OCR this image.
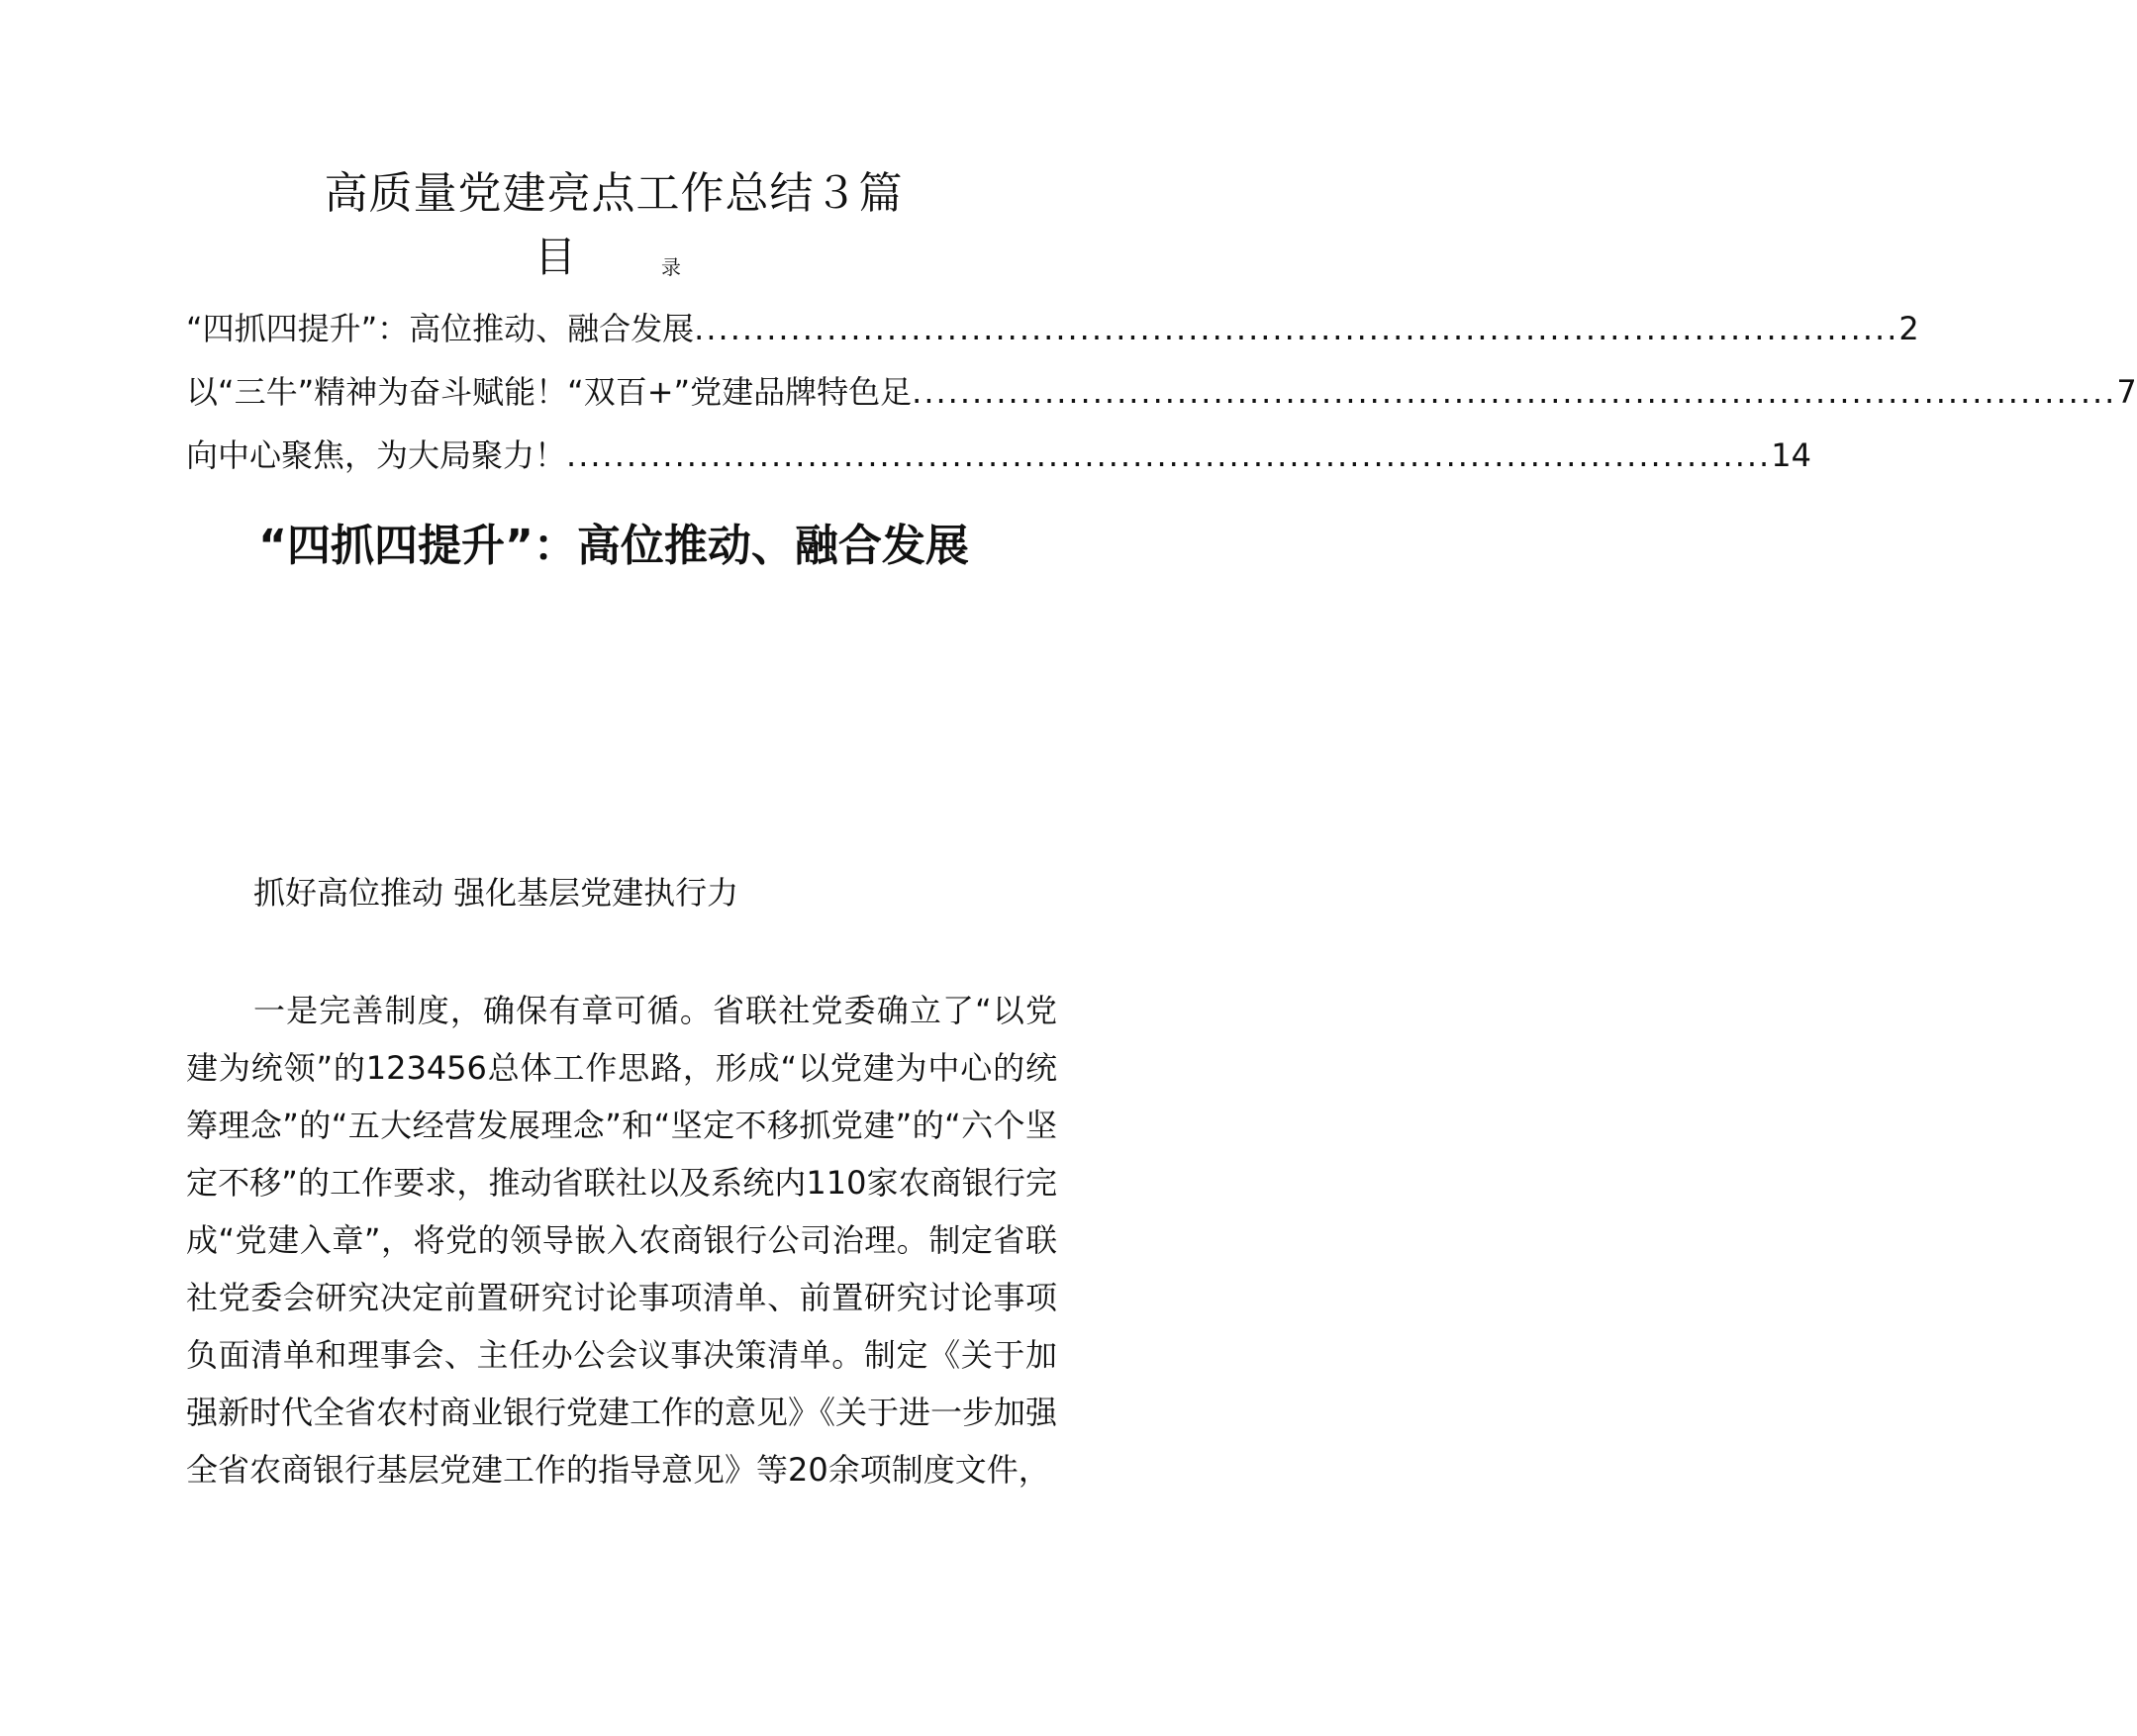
高质量党建亮点工作总结３篇
目	录
“四抓四提升”：高位推动、融合发展 .................................................................................................... 2
以“三牛”精神为奋斗赋能！“双百+”党建品牌特色足 .................................................................................................... 7
向中心聚焦，为大局聚力！ .................................................................................................... 14
“四抓四提升”：高位推动、融合发展
抓好高位推动 强化基层党建执行力

一是完善制度，确保有章可循。省联社党委确立了“以党建为统领”的123456总体工作思路，形成“以党建为中心的统筹理念”的“五大经营发展理念”和“坚定不移抓党建”的“六个坚定不移”的工作要求，推动省联社以及系统内110家农商银行完成“党建入章”，将党的领导嵌入农商银行公司治理。制定省联社党委会研究决定前置研究讨论事项清单、前置研究讨论事项负面清单和理事会、主任办公会议事决策清单。制定《关于加强新时代全省农村商业银行党建工作的意见》《关于进一步加强全省农商银行基层党建工作的指导意见》等20余项制度文件，
